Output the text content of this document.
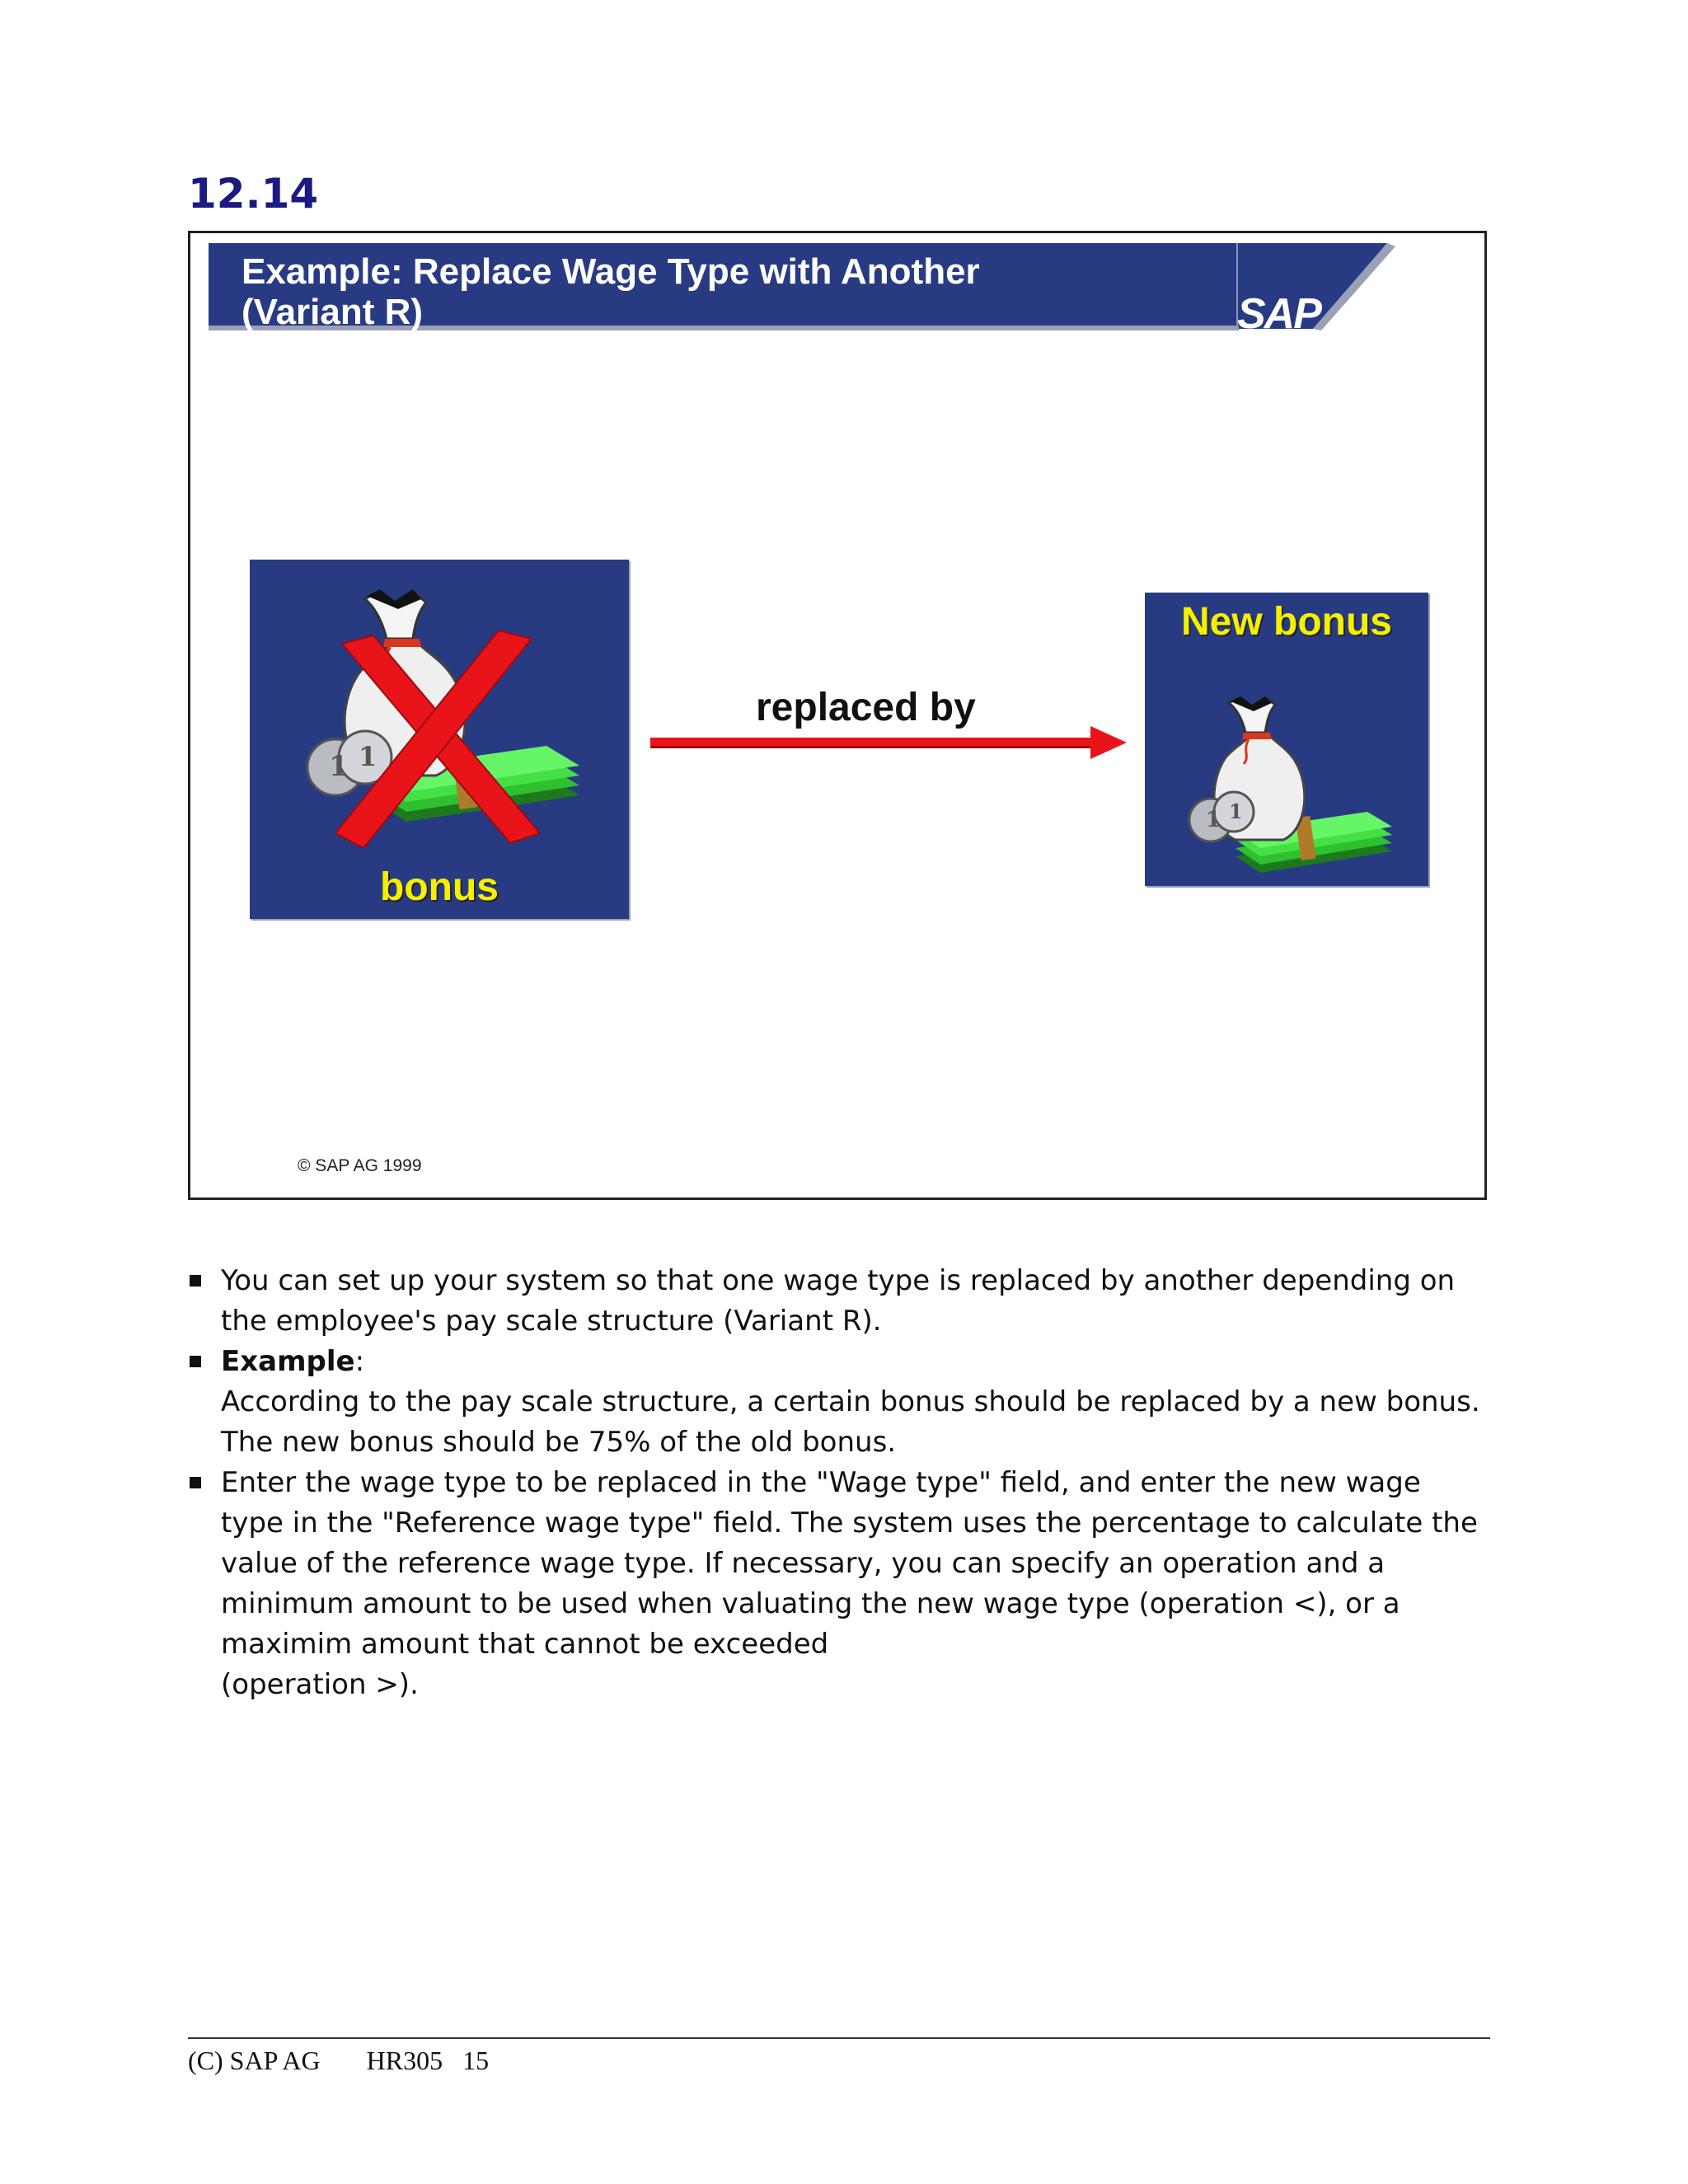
12.14
Example: Replace Wage Type with Another
(Variant R)	SAP
1 1
bonus
replaced by
New bonus
1 1
© SAP AG 1999
You can set up your system so that one wage type is replaced by another depending on the employee's pay scale structure (Variant R).
Example:
According to the pay scale structure, a certain bonus should be replaced by a new bonus. The new bonus should be 75% of the old bonus.
Enter the wage type to be replaced in the "Wage type" field, and enter the new wage type in the "Reference wage type" field. The system uses the percentage to calculate the value of the reference wage type. If necessary, you can specify an operation and a minimum amount to be used when valuating the new wage type (operation <), or a maximim amount that cannot be exceeded
(operation >).
(C) SAP AG HR305 15
